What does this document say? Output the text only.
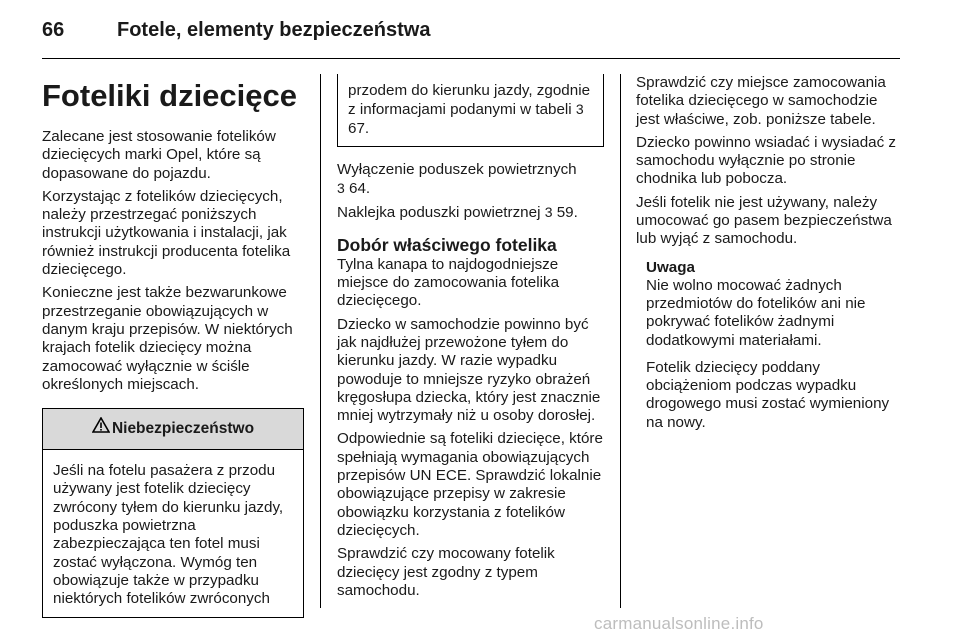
66	Fotele, elementy bezpieczeństwa
Foteliki dziecięce

Zalecane jest stosowanie fotelików dziecięcych marki Opel, które są dopasowane do pojazdu.

Korzystając z fotelików dziecięcych, należy przestrzegać poniższych instrukcji użytkowania i instalacji, jak również instrukcji producenta fotelika dziecięcego.

Konieczne jest także bezwarunkowe przestrzeganie obowiązujących w danym kraju przepisów. W niektórych krajach fotelik dziecięcy można zamocować wyłącznie w ściśle określonych miejscach.

Niebezpieczeństwo

Jeśli na fotelu pasażera z przodu używany jest fotelik dziecięcy zwrócony tyłem do kierunku jazdy, poduszka powietrzna zabezpieczająca ten fotel musi zostać wyłączona. Wymóg ten obowiązuje także w przypadku niektórych fotelików zwróconych

przodem do kierunku jazdy, zgodnie z informacjami podanymi w tabeli 3 67.

Wyłączenie poduszek powietrznych
3 64.

Naklejka poduszki powietrznej 3 59.

Dobór właściwego fotelika

Tylna kanapa to najdogodniejsze miejsce do zamocowania fotelika dziecięcego.

Dziecko w samochodzie powinno być jak najdłużej przewożone tyłem do kierunku jazdy. W razie wypadku powoduje to mniejsze ryzyko obrażeń kręgosłupa dziecka, który jest znacznie mniej wytrzymały niż u osoby dorosłej.

Odpowiednie są foteliki dziecięce, które spełniają wymagania obowiązujących przepisów UN ECE. Sprawdzić lokalnie obowiązujące przepisy w zakresie obowiązku korzystania z fotelików dziecięcych.

Sprawdzić czy mocowany fotelik dziecięcy jest zgodny z typem samochodu.

Sprawdzić czy miejsce zamocowania fotelika dziecięcego w samochodzie jest właściwe, zob. poniższe tabele.

Dziecko powinno wsiadać i wysiadać z samochodu wyłącznie po stronie chodnika lub pobocza.

Jeśli fotelik nie jest używany, należy umocować go pasem bezpieczeństwa lub wyjąć z samochodu.

Uwaga

Nie wolno mocować żadnych przedmiotów do fotelików ani nie pokrywać fotelików żadnymi dodatkowymi materiałami.

Fotelik dziecięcy poddany obciążeniom podczas wypadku drogowego musi zostać wymieniony na nowy.

carmanualsonline.info
